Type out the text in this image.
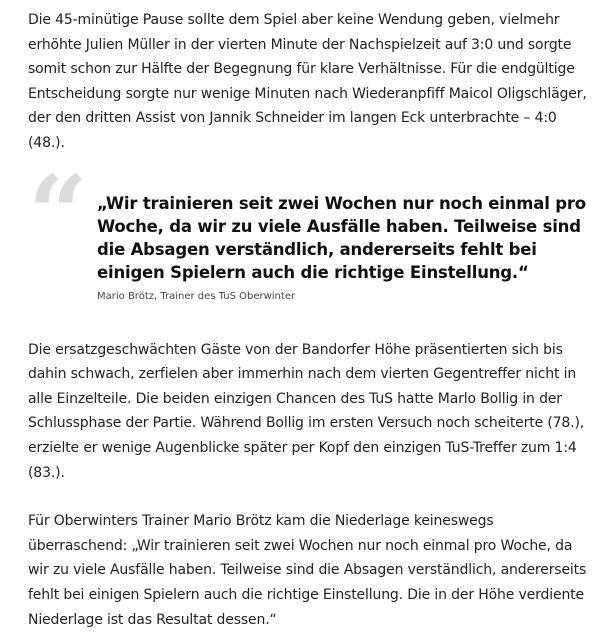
Die 45-minütige Pause sollte dem Spiel aber keine Wendung geben, vielmehr erhöhte Julien Müller in der vierten Minute der Nachspielzeit auf 3:0 und sorgte somit schon zur Hälfte der Begegnung für klare Verhältnisse. Für die endgültige Entscheidung sorgte nur wenige Minuten nach Wiederanpfiff Maicol Oligschläger, der den dritten Assist von Jannik Schneider im langen Eck unterbrachte – 4:0 (48.).

“ „Wir trainieren seit zwei Wochen nur noch einmal pro Woche, da wir zu viele Ausfälle haben. Teilweise sind die Absagen verständlich, andererseits fehlt bei einigen Spielern auch die richtige Einstellung.“

Mario Brötz, Trainer des TuS Oberwinter

Die ersatzgeschwächten Gäste von der Bandorfer Höhe präsentierten sich bis dahin schwach, zerfielen aber immerhin nach dem vierten Gegentreffer nicht in alle Einzelteile. Die beiden einzigen Chancen des TuS hatte Marlo Bollig in der Schlussphase der Partie. Während Bollig im ersten Versuch noch scheiterte (78.), erzielte er wenige Augenblicke später per Kopf den einzigen TuS-Treffer zum 1:4 (83.).

Für Oberwinters Trainer Mario Brötz kam die Niederlage keineswegs überraschend: „Wir trainieren seit zwei Wochen nur noch einmal pro Woche, da wir zu viele Ausfälle haben. Teilweise sind die Absagen verständlich, andererseits fehlt bei einigen Spielern auch die richtige Einstellung. Die in der Höhe verdiente Niederlage ist das Resultat dessen.“
